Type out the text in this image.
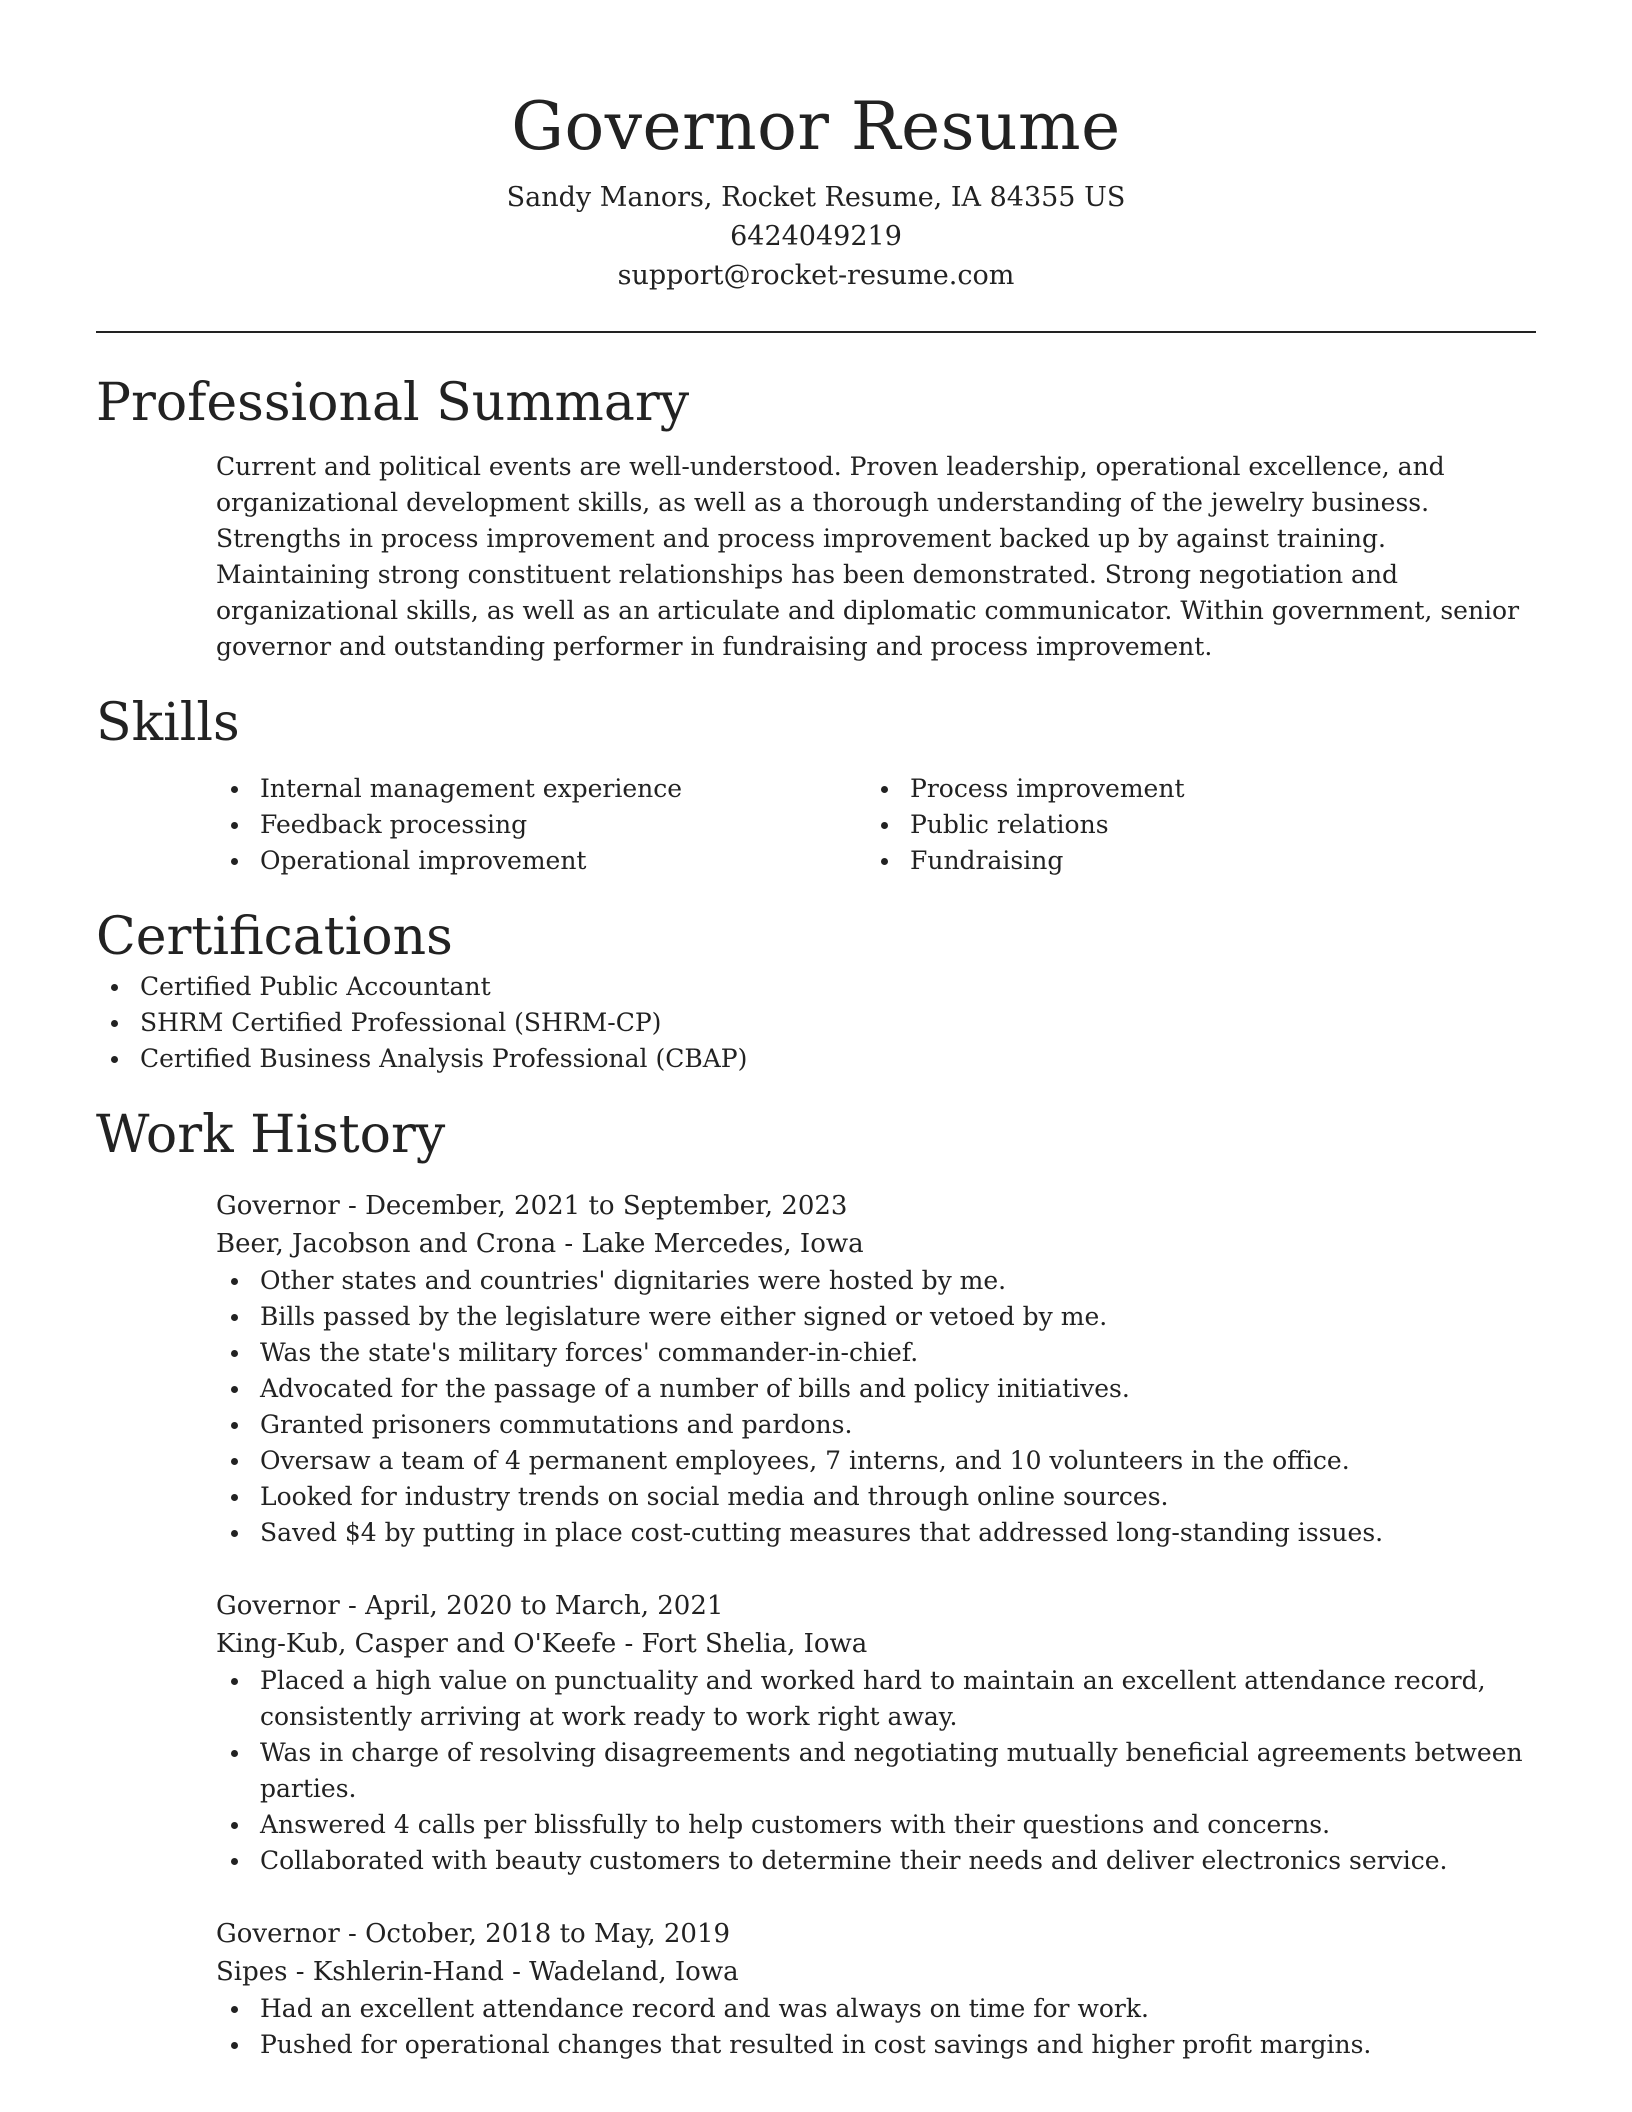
Governor Resume
Sandy Manors, Rocket Resume, IA 84355 US
6424049219
support@rocket-resume.com
Professional Summary
Current and political events are well-understood. Proven leadership, operational excellence, and organizational development skills, as well as a thorough understanding of the jewelry business. Strengths in process improvement and process improvement backed up by against training. Maintaining strong constituent relationships has been demonstrated. Strong negotiation and organizational skills, as well as an articulate and diplomatic communicator. Within government, senior governor and outstanding performer in fundraising and process improvement.
Skills
Internal management experience
Feedback processing
Operational improvement
Process improvement
Public relations
Fundraising
Certifications
Certified Public Accountant
SHRM Certified Professional (SHRM-CP)
Certified Business Analysis Professional (CBAP)
Work History
Governor - December, 2021 to September, 2023
Beer, Jacobson and Crona - Lake Mercedes, Iowa
Other states and countries' dignitaries were hosted by me.
Bills passed by the legislature were either signed or vetoed by me.
Was the state's military forces' commander-in-chief.
Advocated for the passage of a number of bills and policy initiatives.
Granted prisoners commutations and pardons.
Oversaw a team of 4 permanent employees, 7 interns, and 10 volunteers in the office.
Looked for industry trends on social media and through online sources.
Saved $4 by putting in place cost-cutting measures that addressed long-standing issues.
Governor - April, 2020 to March, 2021
King-Kub, Casper and O'Keefe - Fort Shelia, Iowa
Placed a high value on punctuality and worked hard to maintain an excellent attendance record, consistently arriving at work ready to work right away.
Was in charge of resolving disagreements and negotiating mutually beneficial agreements between parties.
Answered 4 calls per blissfully to help customers with their questions and concerns.
Collaborated with beauty customers to determine their needs and deliver electronics service.
Governor - October, 2018 to May, 2019
Sipes - Kshlerin-Hand - Wadeland, Iowa
Had an excellent attendance record and was always on time for work.
Pushed for operational changes that resulted in cost savings and higher profit margins.
